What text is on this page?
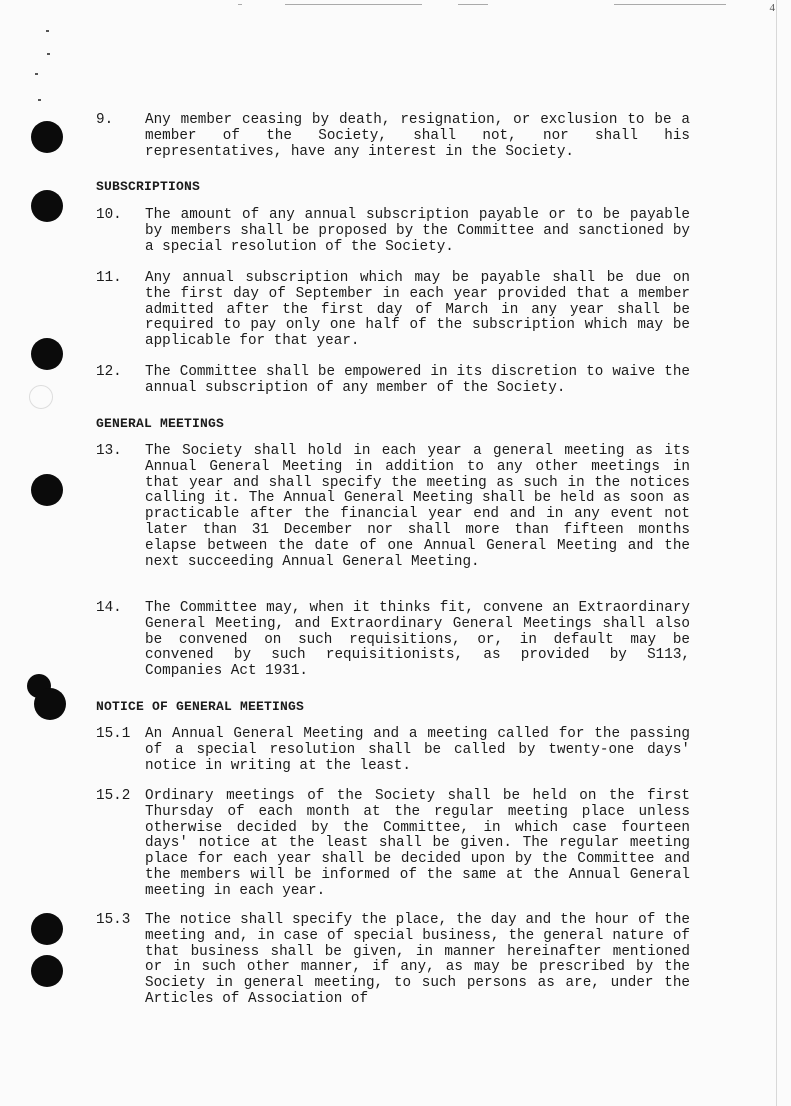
4
9. Any member ceasing by death, resignation, or exclusion to be a member of the Society, shall not, nor shall his representatives, have any interest in the Society.
SUBSCRIPTIONS
10. The amount of any annual subscription payable or to be payable by members shall be proposed by the Committee and sanctioned by a special resolution of the Society.
11. Any annual subscription which may be payable shall be due on the first day of September in each year provided that a member admitted after the first day of March in any year shall be required to pay only one half of the subscription which may be applicable for that year.
12. The Committee shall be empowered in its discretion to waive the annual subscription of any member of the Society.
GENERAL MEETINGS
13. The Society shall hold in each year a general meeting as its Annual General Meeting in addition to any other meetings in that year and shall specify the meeting as such in the notices calling it. The Annual General Meeting shall be held as soon as practicable after the financial year end and in any event not later than 31 December nor shall more than fifteen months elapse between the date of one Annual General Meeting and the next succeeding Annual General Meeting.
14. The Committee may, when it thinks fit, convene an Extraordinary General Meeting, and Extraordinary General Meetings shall also be convened on such requisitions, or, in default may be convened by such requisitionists, as provided by S113, Companies Act 1931.
NOTICE OF GENERAL MEETINGS
15.1 An Annual General Meeting and a meeting called for the passing of a special resolution shall be called by twenty-one days' notice in writing at the least.
15.2 Ordinary meetings of the Society shall be held on the first Thursday of each month at the regular meeting place unless otherwise decided by the Committee, in which case fourteen days' notice at the least shall be given. The regular meeting place for each year shall be decided upon by the Committee and the members will be informed of the same at the Annual General meeting in each year.
15.3 The notice shall specify the place, the day and the hour of the meeting and, in case of special business, the general nature of that business shall be given, in manner hereinafter mentioned or in such other manner, if any, as may be prescribed by the Society in general meeting, to such persons as are, under the Articles of Association of
